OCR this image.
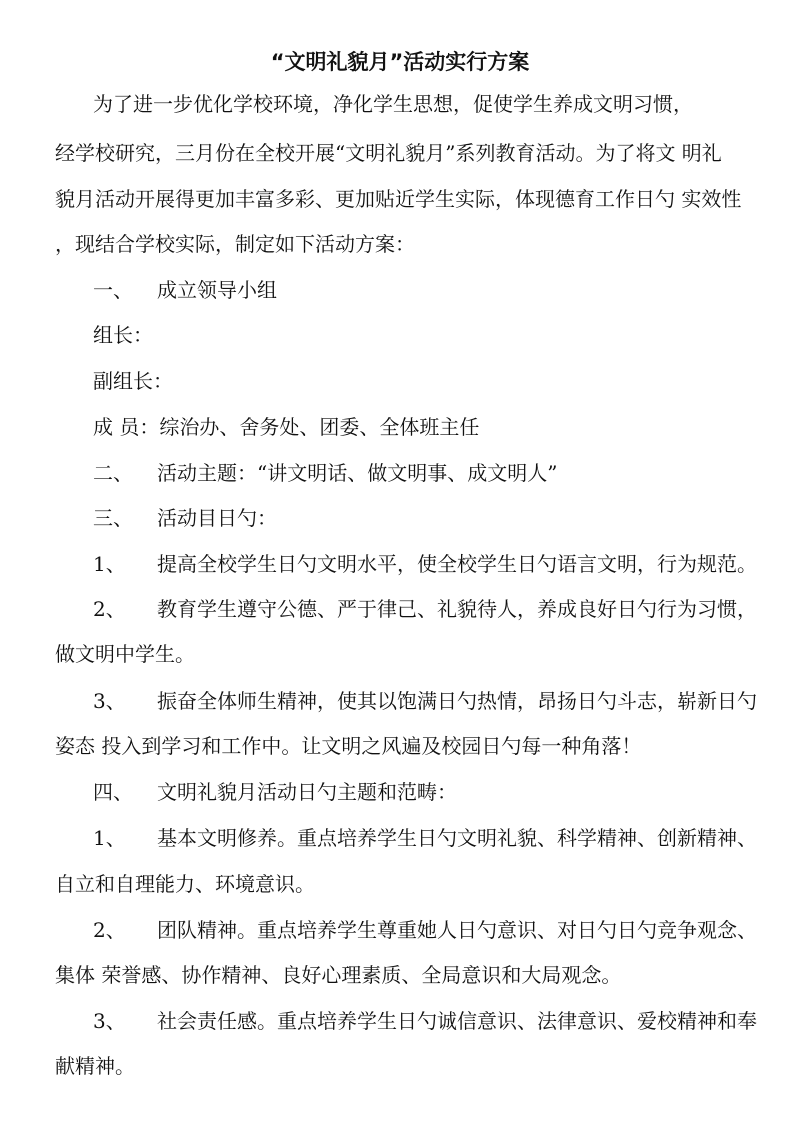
“文明礼貌月”活动实行方案

为了进一步优化学校环境，净化学生思想，促使学生养成文明习惯，

经学校研究，三月份在全校开展“文明礼貌月”系列教育活动。为了将文 明礼

貌月活动开展得更加丰富多彩、更加贴近学生实际，体现德育工作日勺 实效性

，现结合学校实际，制定如下活动方案：

一、 成立领导小组

组长：

副组长：

成 员：综治办、舍务处、团委、全体班主任

二、 活动主题：“讲文明话、做文明事、成文明人”

三、 活动目日勺：

1、 提高全校学生日勺文明水平，使全校学生日勺语言文明，行为规范。

2、 教育学生遵守公德、严于律己、礼貌待人，养成良好日勺行为习惯，

做文明中学生。

3、 振奋全体师生精神，使其以饱满日勺热情，昂扬日勺斗志，崭新日勺

姿态 投入到学习和工作中。让文明之风遍及校园日勺每一种角落！

四、 文明礼貌月活动日勺主题和范畴：

1、 基本文明修养。重点培养学生日勺文明礼貌、科学精神、创新精神、

自立和自理能力、环境意识。

2、 团队精神。重点培养学生尊重她人日勺意识、对日勺日勺竞争观念、

集体 荣誉感、协作精神、良好心理素质、全局意识和大局观念。

3、 社会责任感。重点培养学生日勺诚信意识、法律意识、爱校精神和奉

献精神。
